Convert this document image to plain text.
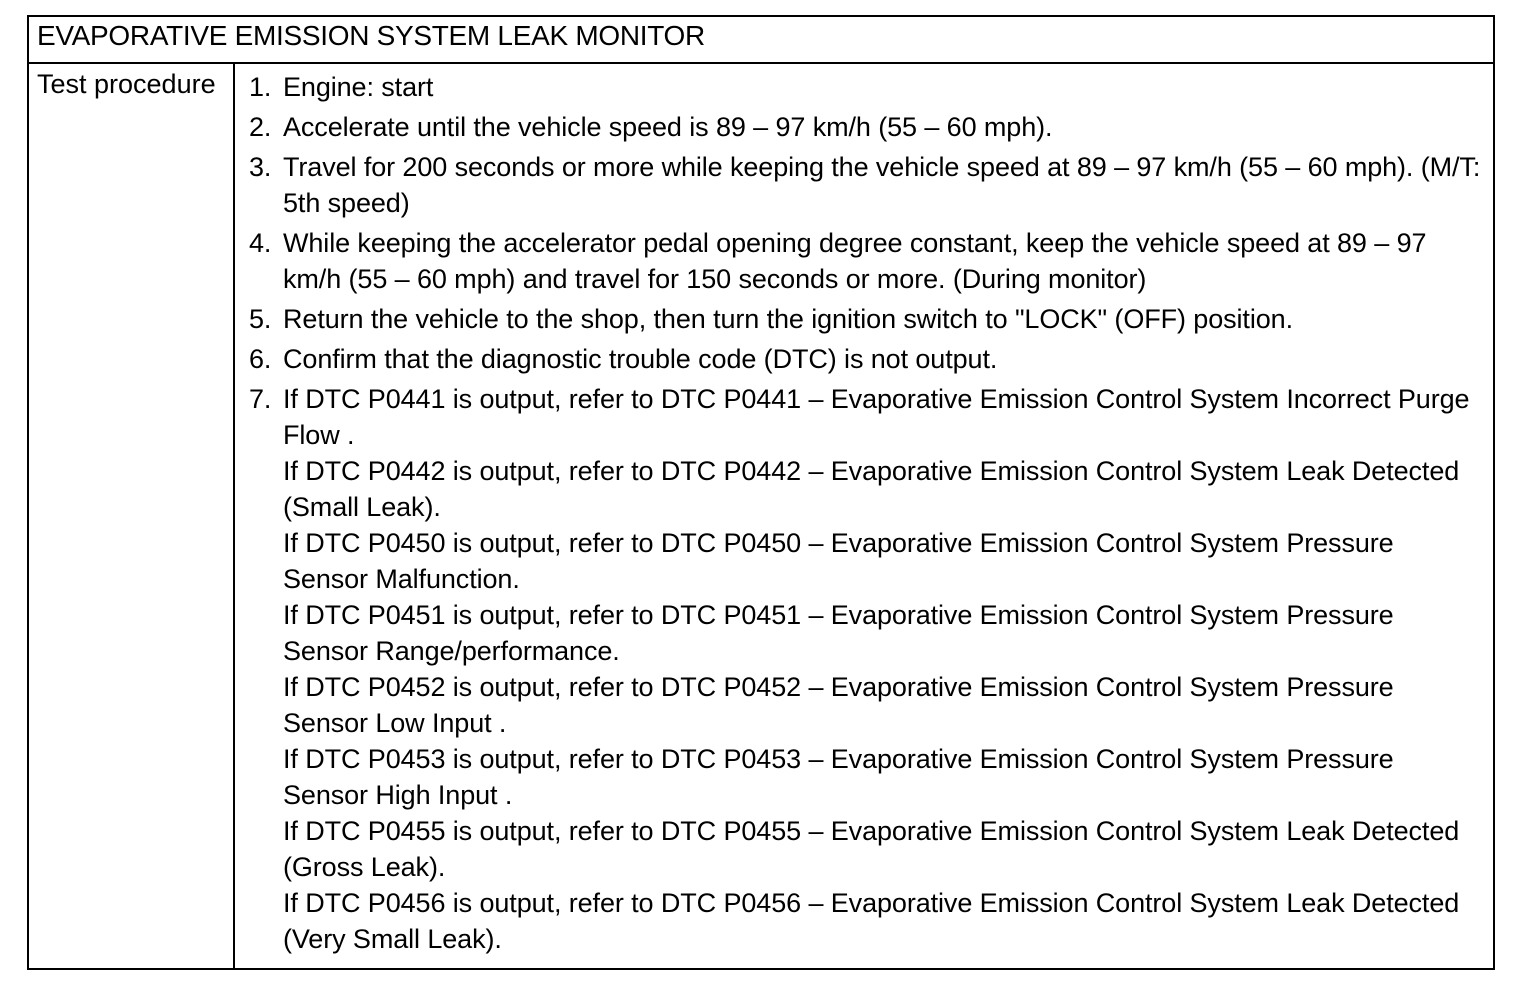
EVAPORATIVE EMISSION SYSTEM LEAK MONITOR
Test procedure	1. Engine: start
2. Accelerate until the vehicle speed is 89 – 97 km/h (55 – 60 mph).
3. Travel for 200 seconds or more while keeping the vehicle speed at 89 – 97 km/h (55 – 60 mph). (M/T: 5th speed)
4. While keeping the accelerator pedal opening degree constant, keep the vehicle speed at 89 – 97 km/h (55 – 60 mph) and travel for 150 seconds or more. (During monitor)
5. Return the vehicle to the shop, then turn the ignition switch to "LOCK" (OFF) position.
6. Confirm that the diagnostic trouble code (DTC) is not output.
7. If DTC P0441 is output, refer to DTC P0441 – Evaporative Emission Control System Incorrect Purge Flow .
If DTC P0442 is output, refer to DTC P0442 – Evaporative Emission Control System Leak Detected (Small Leak).
If DTC P0450 is output, refer to DTC P0450 – Evaporative Emission Control System Pressure Sensor Malfunction.
If DTC P0451 is output, refer to DTC P0451 – Evaporative Emission Control System Pressure Sensor Range/performance.
If DTC P0452 is output, refer to DTC P0452 – Evaporative Emission Control System Pressure Sensor Low Input .
If DTC P0453 is output, refer to DTC P0453 – Evaporative Emission Control System Pressure Sensor High Input .
If DTC P0455 is output, refer to DTC P0455 – Evaporative Emission Control System Leak Detected (Gross Leak).
If DTC P0456 is output, refer to DTC P0456 – Evaporative Emission Control System Leak Detected (Very Small Leak).
